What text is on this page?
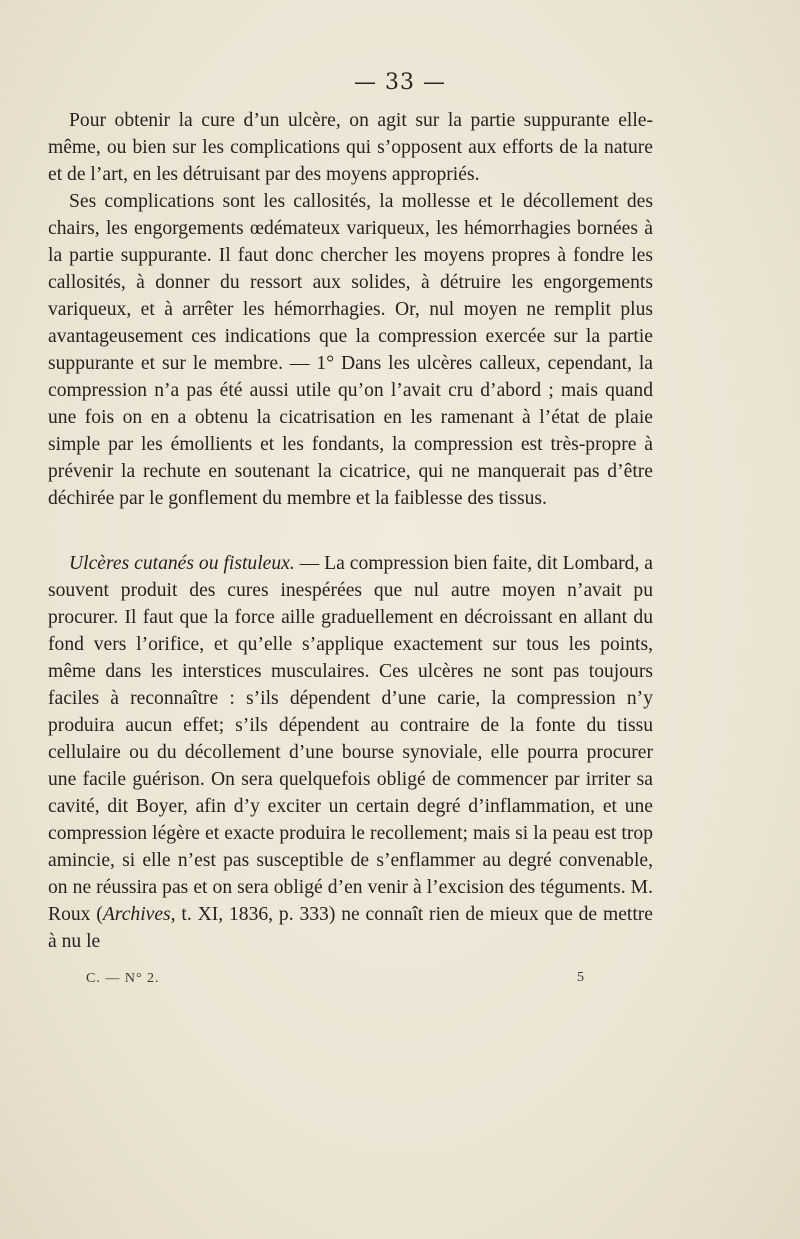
— 33 —

Pour obtenir la cure d’un ulcère, on agit sur la partie suppurante elle-même, ou bien sur les complications qui s’opposent aux efforts de la nature et de l’art, en les détruisant par des moyens appropriés.

Ses complications sont les callosités, la mollesse et le décollement des chairs, les engorgements œdémateux variqueux, les hémorrhagies bornées à la partie suppurante. Il faut donc chercher les moyens propres à fondre les callosités, à donner du ressort aux solides, à détruire les engorgements variqueux, et à arrêter les hémorrhagies. Or, nul moyen ne remplit plus avantageusement ces indications que la compression exercée sur la partie suppurante et sur le membre. — 1° Dans les ulcères calleux, cependant, la compression n’a pas été aussi utile qu’on l’avait cru d’abord ; mais quand une fois on en a obtenu la cicatrisation en les ramenant à l’état de plaie simple par les émollients et les fondants, la compression est très-propre à prévenir la rechute en soutenant la cicatrice, qui ne manquerait pas d’être déchirée par le gonflement du membre et la faiblesse des tissus.

Ulcères cutanés ou fistuleux. — La compression bien faite, dit Lombard, a souvent produit des cures inespérées que nul autre moyen n’avait pu procurer. Il faut que la force aille graduellement en décroissant en allant du fond vers l’orifice, et qu’elle s’applique exactement sur tous les points, même dans les interstices musculaires. Ces ulcères ne sont pas toujours faciles à reconnaître : s’ils dépendent d’une carie, la compression n’y produira aucun effet; s’ils dépendent au contraire de la fonte du tissu cellulaire ou du décollement d’une bourse synoviale, elle pourra procurer une facile guérison. On sera quelquefois obligé de commencer par irriter sa cavité, dit Boyer, afin d’y exciter un certain degré d’inflammation, et une compression légère et exacte produira le recollement; mais si la peau est trop amincie, si elle n’est pas susceptible de s’enflammer au degré convenable, on ne réussira pas et on sera obligé d’en venir à l’excision des téguments. M. Roux (Archives, t. XI, 1836, p. 333) ne connaît rien de mieux que de mettre à nu le

C. — N° 2.	5
